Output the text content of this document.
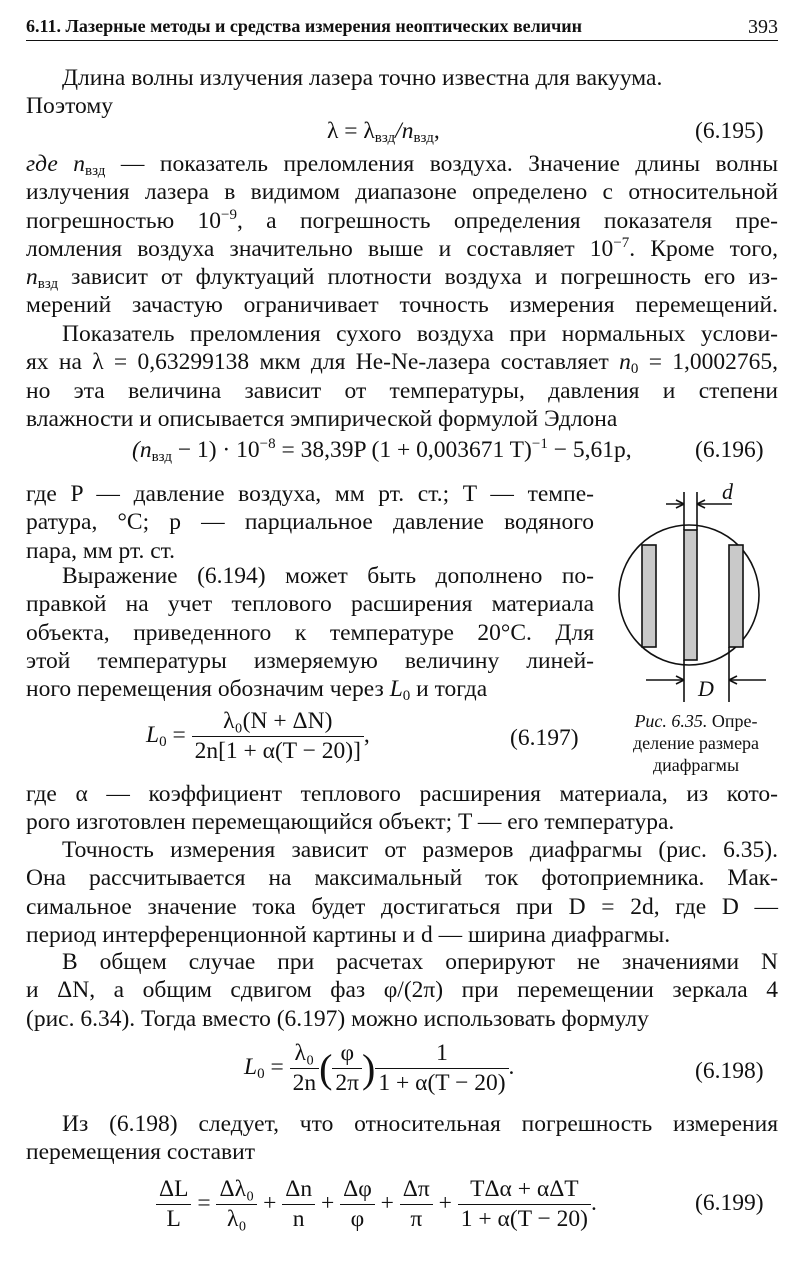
6.11. Лазерные методы и средства измерения неоптических величин	393
Длина волны излучения лазера точно известна для вакуума.
Поэтому
$\lambda = \lambda_{взд}/n_{взд}$,	(6.195)
где $n_{взд}$ — показатель преломления воздуха. Значение длины волны
излучения лазера в видимом диапазоне определено с относительной
погрешностью $10^{-9}$, а погрешность определения показателя пре-
ломления воздуха значительно выше и составляет $10^{-7}$. Кроме того,
$n_{взд}$ зависит от флуктуаций плотности воздуха и погрешность его из-
мерений зачастую ограничивает точность измерения перемещений.
Показатель преломления сухого воздуха при нормальных услови-
ях на λ = 0,63299138 мкм для He-Ne-лазера составляет $n_0 = 1,0002765$,
но эта величина зависит от температуры, давления и степени
влажности и описывается эмпирической формулой Эдлона
$(n_{взд} - 1) \cdot 10^{-8} = 38,39P$ (1 + 0,003671 T)$^{-1}$ − 5,61p,	(6.196)
где P — давление воздуха, мм рт. ст.; T — темпе-
ратура, °С; p — парциальное давление водяного
пара, мм рт. ст.
Выражение (6.194) может быть дополнено по-
правкой на учет теплового расширения материала
объекта, приведенного к температуре 20°С. Для
этой температуры измеряемую величину линей-
ного перемещения обозначим через $L_0$ и тогда
$L_0 = \frac{\text{λ₀(N + ΔN)}}{2n[1 + \alpha(T - 20)]}$ ,	(6.197)
d
D
Рис. 6.35. Опре-
деление размера
диафрагмы
где α — коэффициент теплового расширения материала, из кото-
рого изготовлен перемещающийся объект; T — его температура.
Точность измерения зависит от размеров диафрагмы (рис. 6.35).
Она рассчитывается на максимальный ток фотоприемника. Мак-
симальное значение тока будет достигаться при D = 2d, где D —
период интерференционной картины и d — ширина диафрагмы.
В общем случае при расчетах оперируют не значениями N
и ΔN, а общим сдвигом фаз φ/(2π) при перемещении зеркала 4
(рис. 6.34). Тогда вместо (6.197) можно использовать формулу
$L_0 = \frac{\text{λ₀}}{2n}$ ( $\frac{\varphi}{2\pi}$ ) $\frac{1}{1 + \alpha(T - 20)}$ .	(6.198)
Из (6.198) следует, что относительная погрешность измерения
перемещения составит
$\frac{\Delta L}{L} = \frac{\text{Δλ₀}}{\text{λ₀}} + \frac{\Delta n}{n} + \frac{\Delta\varphi}{\varphi} + \frac{\Delta\pi}{\pi} + \frac{\text{TΔα + αΔT}}{1 + \alpha(T - 20)}$ .	(6.199)
